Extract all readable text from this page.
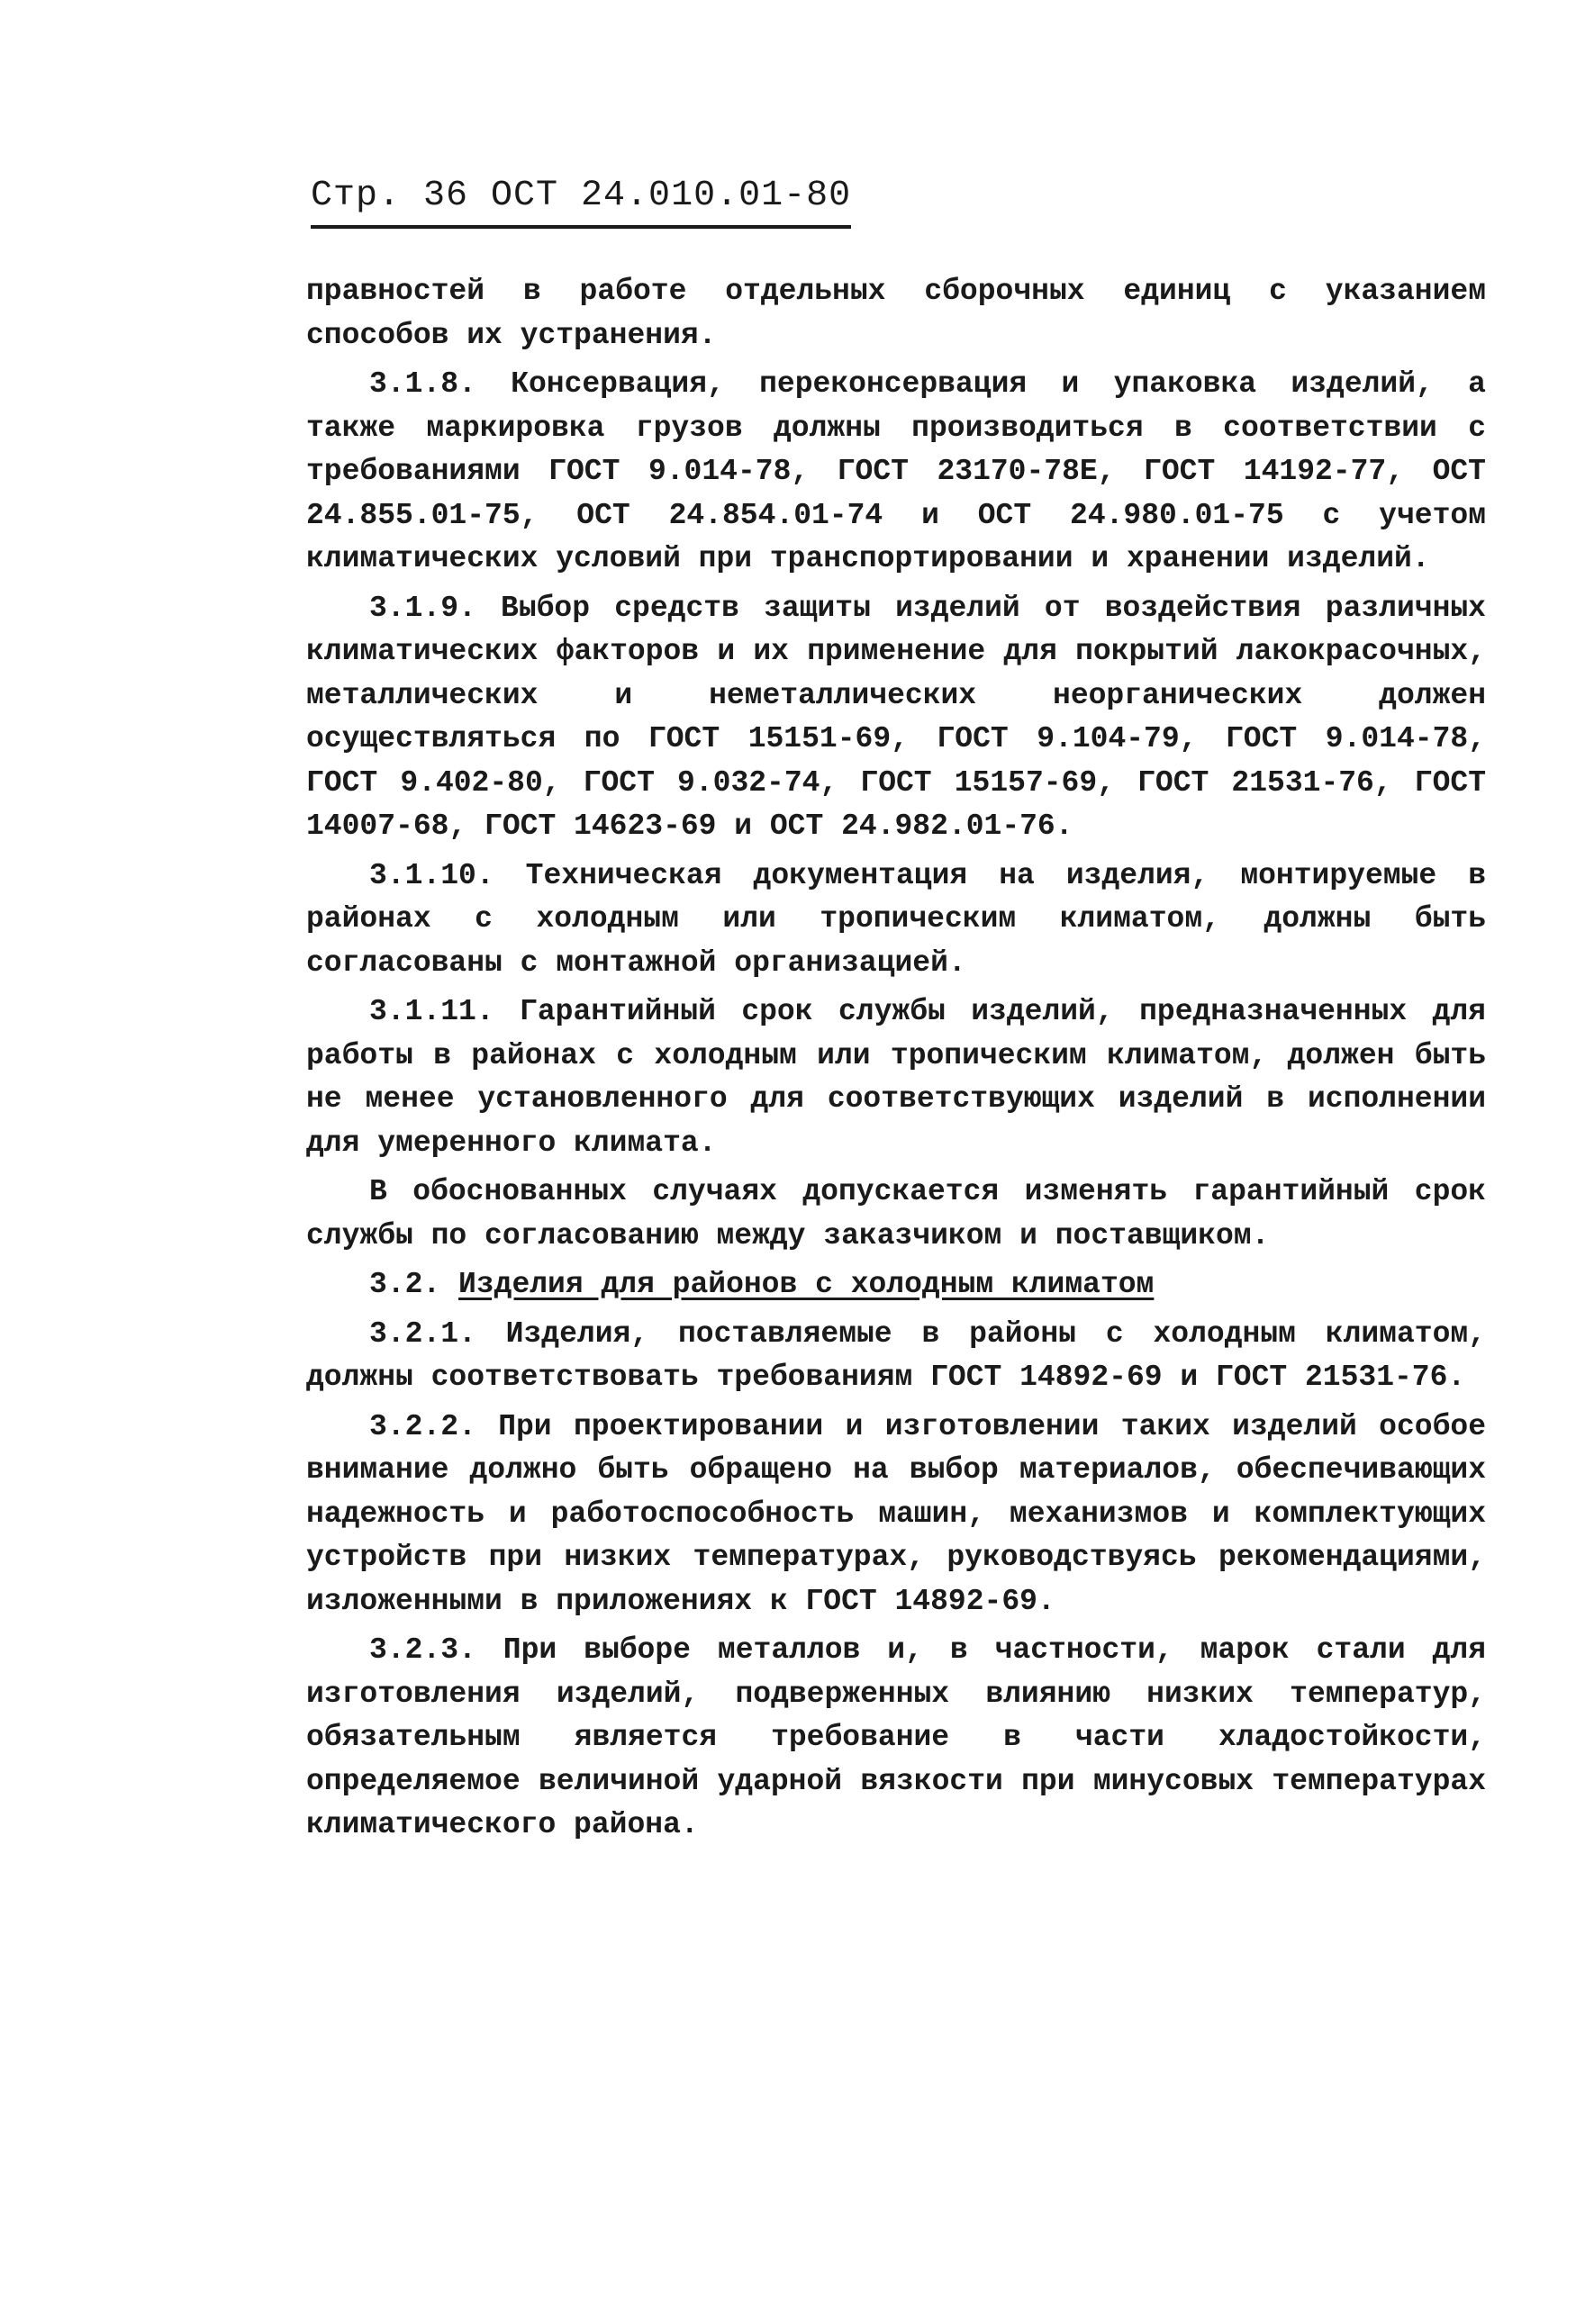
Стр. 36 ОСТ 24.010.01-80

правностей в работе отдельных сборочных единиц с указанием способов их устранения.

3.1.8. Консервация, переконсервация и упаковка изделий, а также маркировка грузов должны производиться в соответствии с требованиями ГОСТ 9.014-78, ГОСТ 23170-78Е, ГОСТ 14192-77, ОСТ 24.855.01-75, ОСТ 24.854.01-74 и ОСТ 24.980.01-75 с учетом климатических условий при транспортировании и хранении изделий.

3.1.9. Выбор средств защиты изделий от воздействия различных климатических факторов и их применение для покрытий лакокрасочных, металлических и неметаллических неорганических должен осуществляться по ГОСТ 15151-69, ГОСТ 9.104-79, ГОСТ 9.014-78, ГОСТ 9.402-80, ГОСТ 9.032-74, ГОСТ 15157-69, ГОСТ 21531-76, ГОСТ 14007-68, ГОСТ 14623-69 и ОСТ 24.982.01-76.

3.1.10. Техническая документация на изделия, монтируемые в районах с холодным или тропическим климатом, должны быть согласованы с монтажной организацией.

3.1.11. Гарантийный срок службы изделий, предназначенных для работы в районах с холодным или тропическим климатом, должен быть не менее установленного для соответствующих изделий в исполнении для умеренного климата.

В обоснованных случаях допускается изменять гарантийный срок службы по согласованию между заказчиком и поставщиком.

3.2. Изделия для районов с холодным климатом

3.2.1. Изделия, поставляемые в районы с холодным климатом, должны соответствовать требованиям ГОСТ 14892-69 и ГОСТ 21531-76.

3.2.2. При проектировании и изготовлении таких изделий особое внимание должно быть обращено на выбор материалов, обеспечивающих надежность и работоспособность машин, механизмов и комплектующих устройств при низких температурах, руководствуясь рекомендациями, изложенными в приложениях к ГОСТ 14892-69.

3.2.3. При выборе металлов и, в частности, марок стали для изготовления изделий, подверженных влиянию низких температур, обязательным является требование в части хладостойкости, определяемое величиной ударной вязкости при минусовых температурах климатического района.
